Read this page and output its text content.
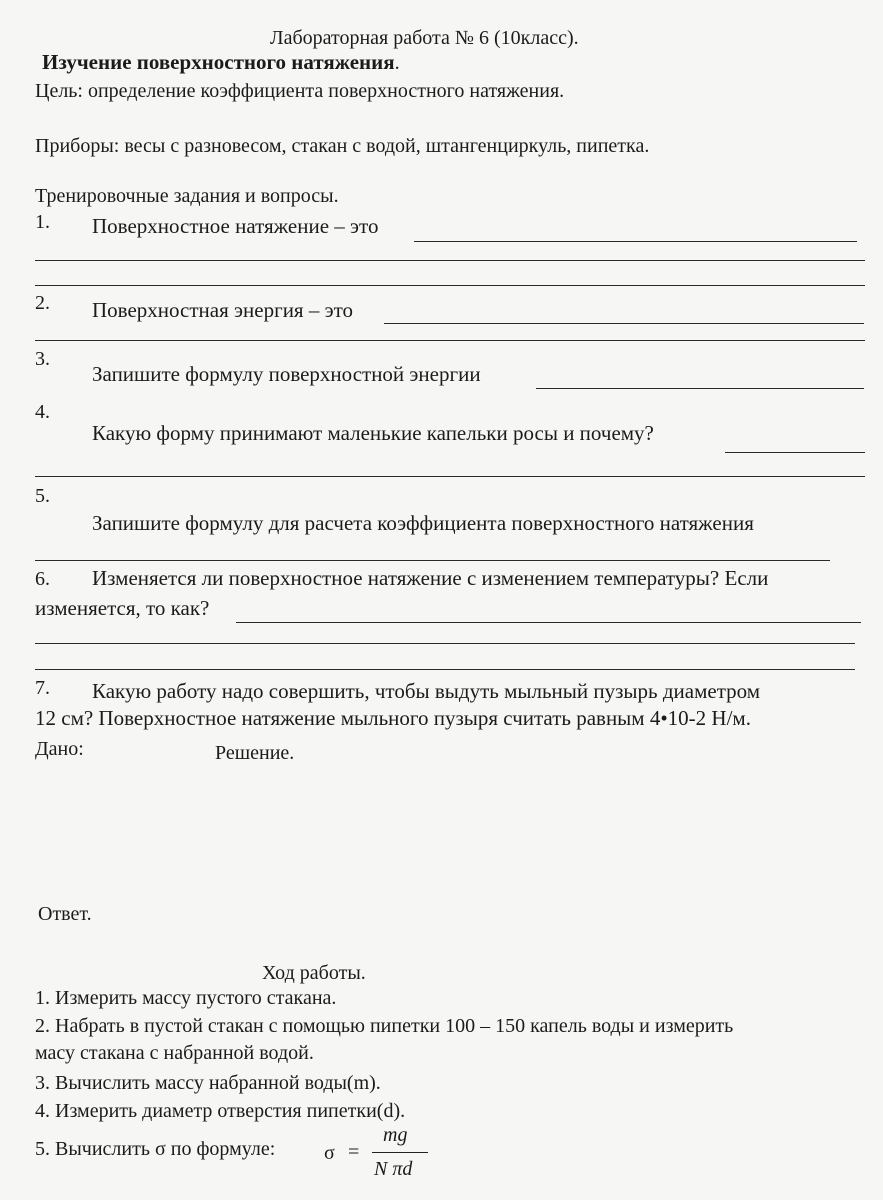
Лабораторная работа № 6 (10класс).
Изучение поверхностного натяжения.
Цель: определение коэффициента поверхностного натяжения.
Приборы: весы с разновесом, стакан с водой, штангенциркуль, пипетка.
Тренировочные задания и вопросы.
1. Поверхностное натяжение – это
2. Поверхностная энергия – это
3.
Запишите формулу поверхностной энергии
4.
Какую форму принимают маленькие капельки росы и почему?
5.
Запишите формулу для расчета коэффициента поверхностного натяжения
6. Изменяется ли поверхностное натяжение с изменением температуры? Если
изменяется, то как?
7. Какую работу надо совершить, чтобы выдуть мыльный пузырь диаметром
12 см? Поверхностное натяжение мыльного пузыря считать равным 4•10-2 Н/м.
Дано:	Решение.
Ответ.
Ход работы.
1. Измерить массу пустого стакана.
2. Набрать в пустой стакан с помощью пипетки 100 – 150 капель воды и измерить
масу стакана с набранной водой.
3. Вычислить массу набранной воды(m).
4. Измерить диаметр отверстия пипетки(d).
5. Вычислить σ по формуле: σ =
mg
N πd
